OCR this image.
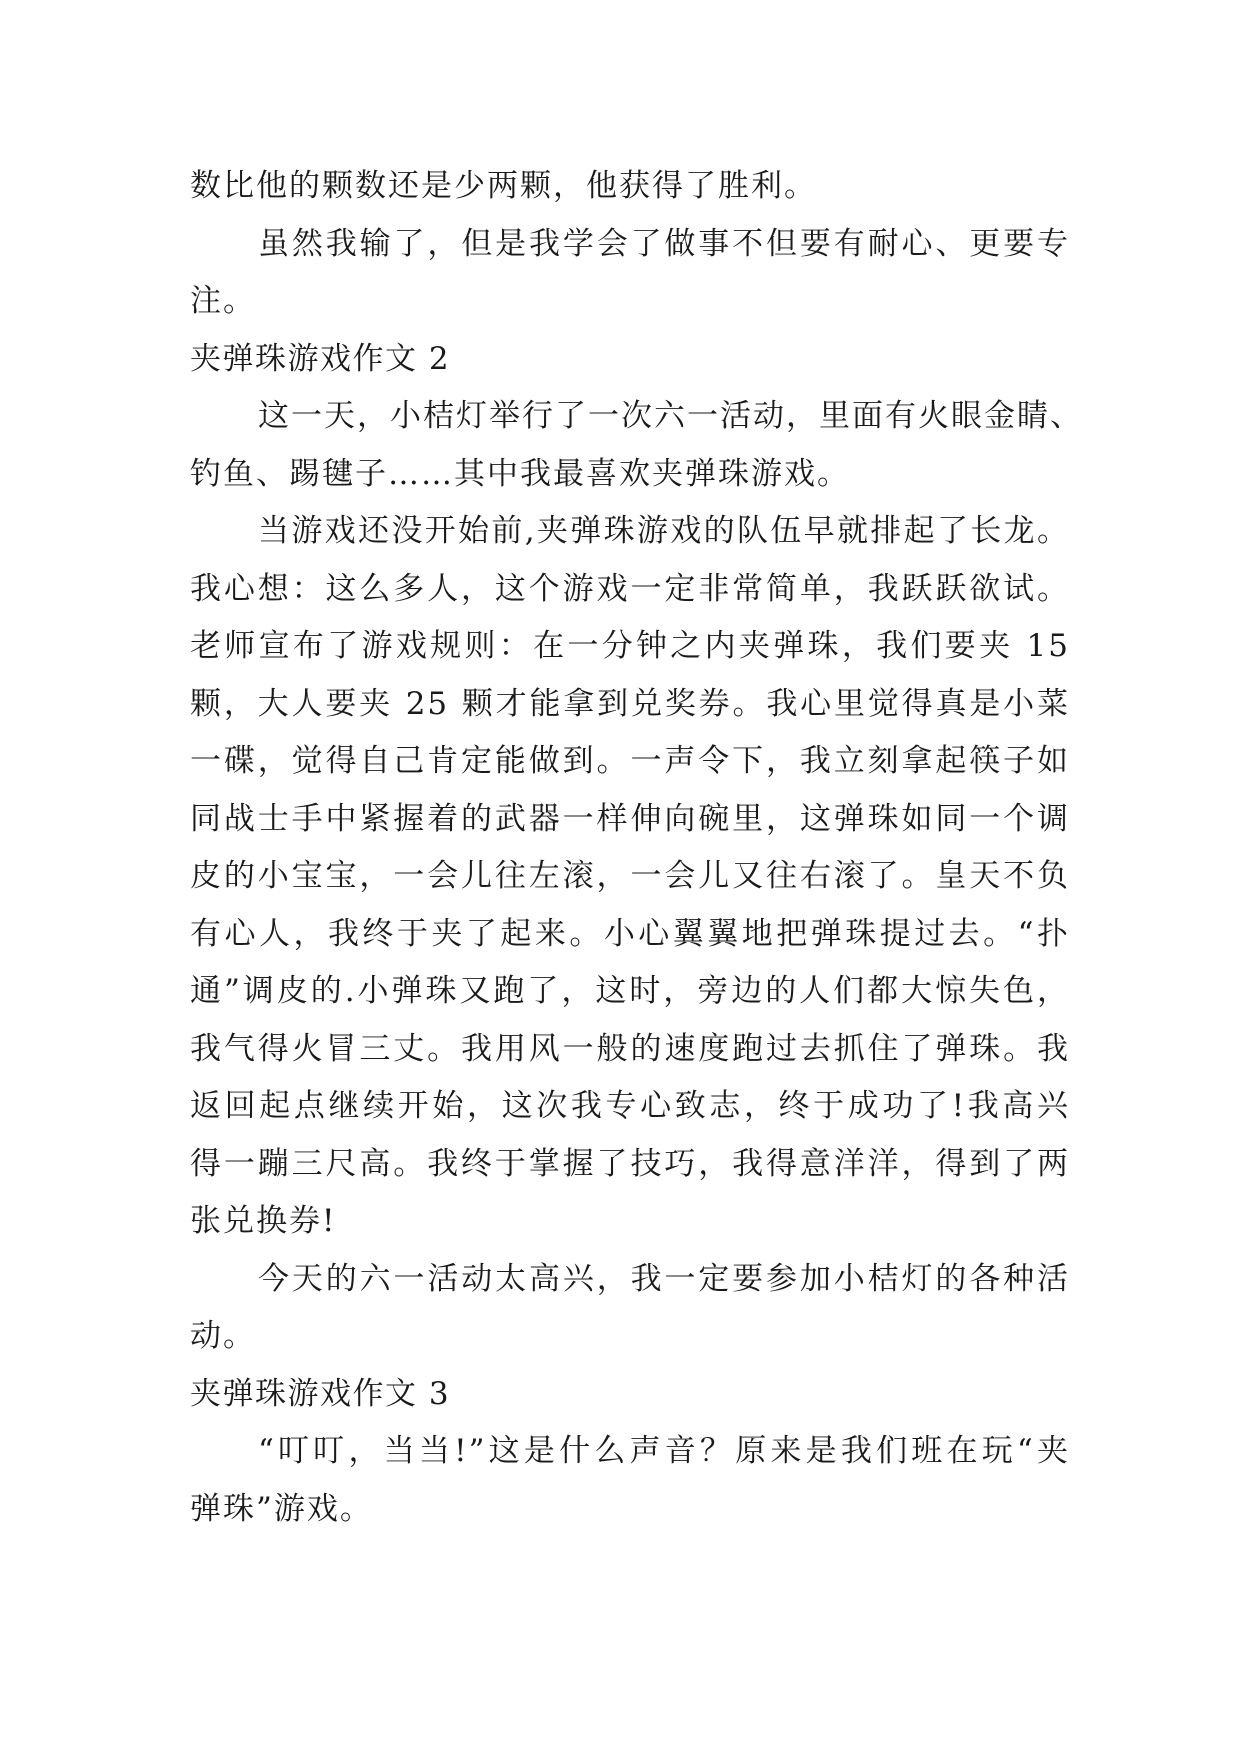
数比他的颗数还是少两颗，他获得了胜利。
虽然我输了，但是我学会了做事不但要有耐心、更要专
注。
夹弹珠游戏作文 2
这一天，小桔灯举行了一次六一活动，里面有火眼金睛、
钓鱼、踢毽子……其中我最喜欢夹弹珠游戏。
当游戏还没开始前,夹弹珠游戏的队伍早就排起了长龙。
我心想：这么多人，这个游戏一定非常简单，我跃跃欲试。
老师宣布了游戏规则：在一分钟之内夹弹珠，我们要夹 15
颗，大人要夹 25 颗才能拿到兑奖券。我心里觉得真是小菜
一碟，觉得自己肯定能做到。一声令下，我立刻拿起筷子如
同战士手中紧握着的武器一样伸向碗里，这弹珠如同一个调
皮的小宝宝，一会儿往左滚，一会儿又往右滚了。皇天不负
有心人，我终于夹了起来。小心翼翼地把弹珠提过去。“扑
通”调皮的.小弹珠又跑了，这时，旁边的人们都大惊失色，
我气得火冒三丈。我用风一般的速度跑过去抓住了弹珠。我
返回起点继续开始，这次我专心致志，终于成功了!我高兴
得一蹦三尺高。我终于掌握了技巧，我得意洋洋，得到了两
张兑换券!
今天的六一活动太高兴，我一定要参加小桔灯的各种活
动。
夹弹珠游戏作文 3
“叮叮，当当!”这是什么声音？原来是我们班在玩“夹
弹珠”游戏。
